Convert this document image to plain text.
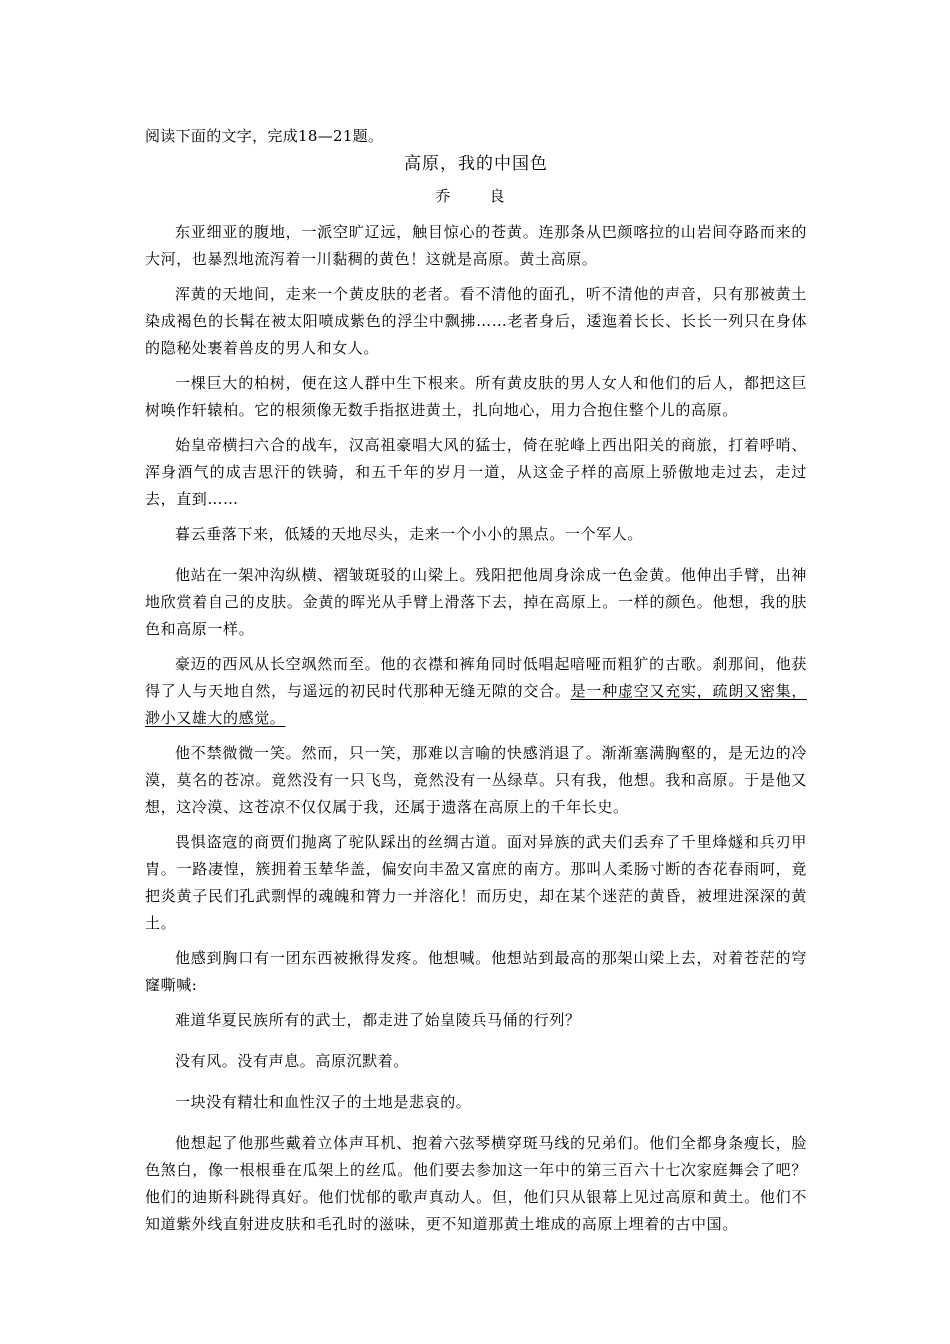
阅读下面的文字，完成18—21题。

高原，我的中国色

乔　良

东亚细亚的腹地，一派空旷辽远，触目惊心的苍黄。连那条从巴颜喀拉的山岩间夺路而来的大河，也暴烈地流泻着一川黏稠的黄色！这就是高原。黄土高原。

浑黄的天地间，走来一个黄皮肤的老者。看不清他的面孔，听不清他的声音，只有那被黄土染成褐色的长髯在被太阳喷成紫色的浮尘中飘拂……老者身后，逶迤着长长、长长一列只在身体的隐秘处裹着兽皮的男人和女人。

一棵巨大的柏树，便在这人群中生下根来。所有黄皮肤的男人女人和他们的后人，都把这巨树唤作轩辕柏。它的根须像无数手指抠进黄土，扎向地心，用力合抱住整个儿的高原。

始皇帝横扫六合的战车，汉高祖豪唱大风的猛士，倚在驼峰上西出阳关的商旅，打着呼哨、浑身酒气的成吉思汗的铁骑，和五千年的岁月一道，从这金子样的高原上骄傲地走过去，走过去，直到……

暮云垂落下来，低矮的天地尽头，走来一个小小的黑点。一个军人。

他站在一架冲沟纵横、褶皱斑驳的山梁上。残阳把他周身涂成一色金黄。他伸出手臂，出神地欣赏着自己的皮肤。金黄的晖光从手臂上滑落下去，掉在高原上。一样的颜色。他想，我的肤色和高原一样。

豪迈的西风从长空飒然而至。他的衣襟和裤角同时低唱起喑哑而粗犷的古歌。刹那间，他获得了人与天地自然，与遥远的初民时代那种无缝无隙的交合。是一种虚空又充实，疏朗又密集，渺小又雄大的感觉。

他不禁微微一笑。然而，只一笑，那难以言喻的快感消退了。渐渐塞满胸壑的，是无边的冷漠，莫名的苍凉。竟然没有一只飞鸟，竟然没有一丛绿草。只有我，他想。我和高原。于是他又想，这冷漠、这苍凉不仅仅属于我，还属于遗落在高原上的千年长史。

畏惧盗寇的商贾们抛离了驼队踩出的丝绸古道。面对异族的武夫们丢弃了千里烽燧和兵刃甲胄。一路凄惶，簇拥着玉辇华盖，偏安向丰盈又富庶的南方。那叫人柔肠寸断的杏花春雨呵，竟把炎黄子民们孔武剽悍的魂魄和膂力一并溶化！而历史，却在某个迷茫的黄昏，被埋进深深的黄土。

他感到胸口有一团东西被揪得发疼。他想喊。他想站到最高的那架山梁上去，对着苍茫的穹窿嘶喊:

难道华夏民族所有的武士，都走进了始皇陵兵马俑的行列？

没有风。没有声息。高原沉默着。

一块没有精壮和血性汉子的土地是悲哀的。

他想起了他那些戴着立体声耳机、抱着六弦琴横穿斑马线的兄弟们。他们全都身条瘦长，脸色煞白，像一根根垂在瓜架上的丝瓜。他们要去参加这一年中的第三百六十七次家庭舞会了吧？他们的迪斯科跳得真好。他们忧郁的歌声真动人。但，他们只从银幕上见过高原和黄土。他们不知道紫外线直射进皮肤和毛孔时的滋味，更不知道那黄土堆成的高原上埋着的古中国。
